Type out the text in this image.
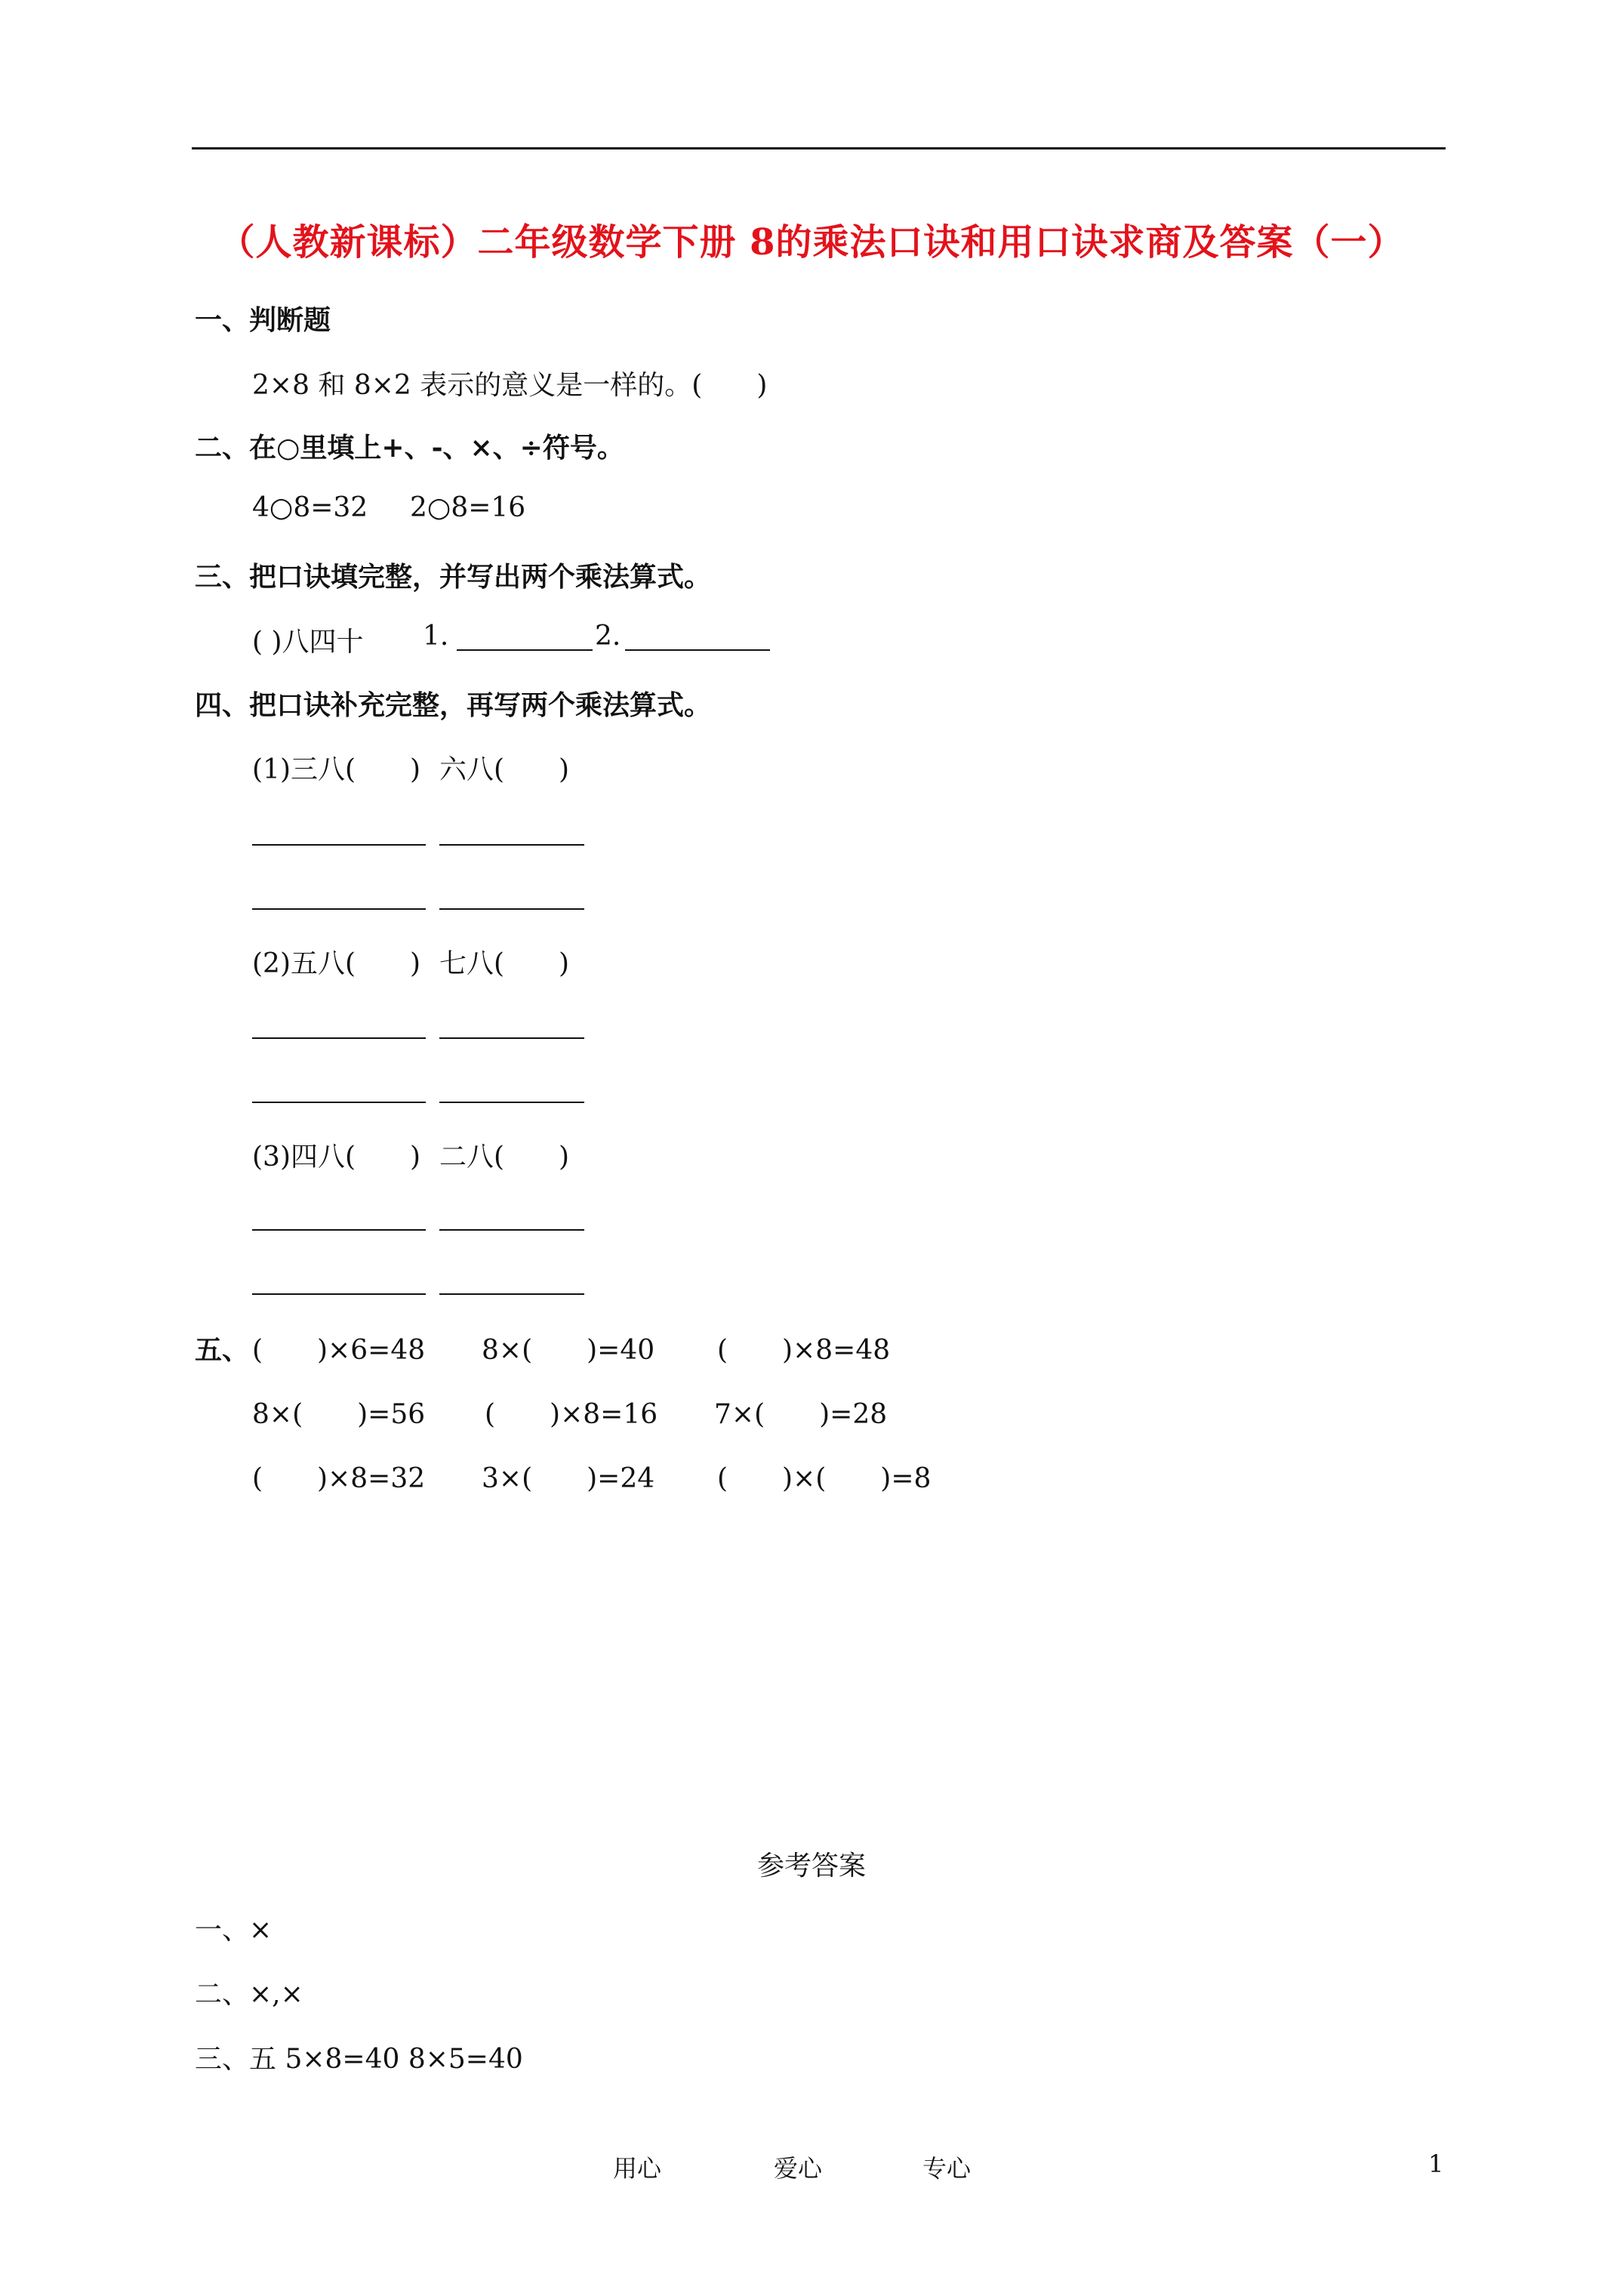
（人教新课标）二年级数学下册 8的乘法口诀和用口诀求商及答案（一）
一、判断题
2×8 和 8×2 表示的意义是一样的。(　　)
二、在○里填上+、-、×、÷符号。
4○8=32 2○8=16
三、把口诀填完整，并写出两个乘法算式。
( )八四十 1.	2.
四、把口诀补充完整，再写两个乘法算式。
(1)三八(　　) 六八(　　)
(2)五八(　　) 七八(　　)
(3)四八(　　) 二八(　　)
五、 (　　)×6=48 8×(　　)=40 (　　)×8=48
8×(　　)=56 (　　)×8=16 7×(　　)=28
(　　)×8=32 3×(　　)=24 (　　)×(　　)=8
参考答案
一、×
二、×,×
三、五 5×8=40 8×5=40
用心	爱心	专心	1
